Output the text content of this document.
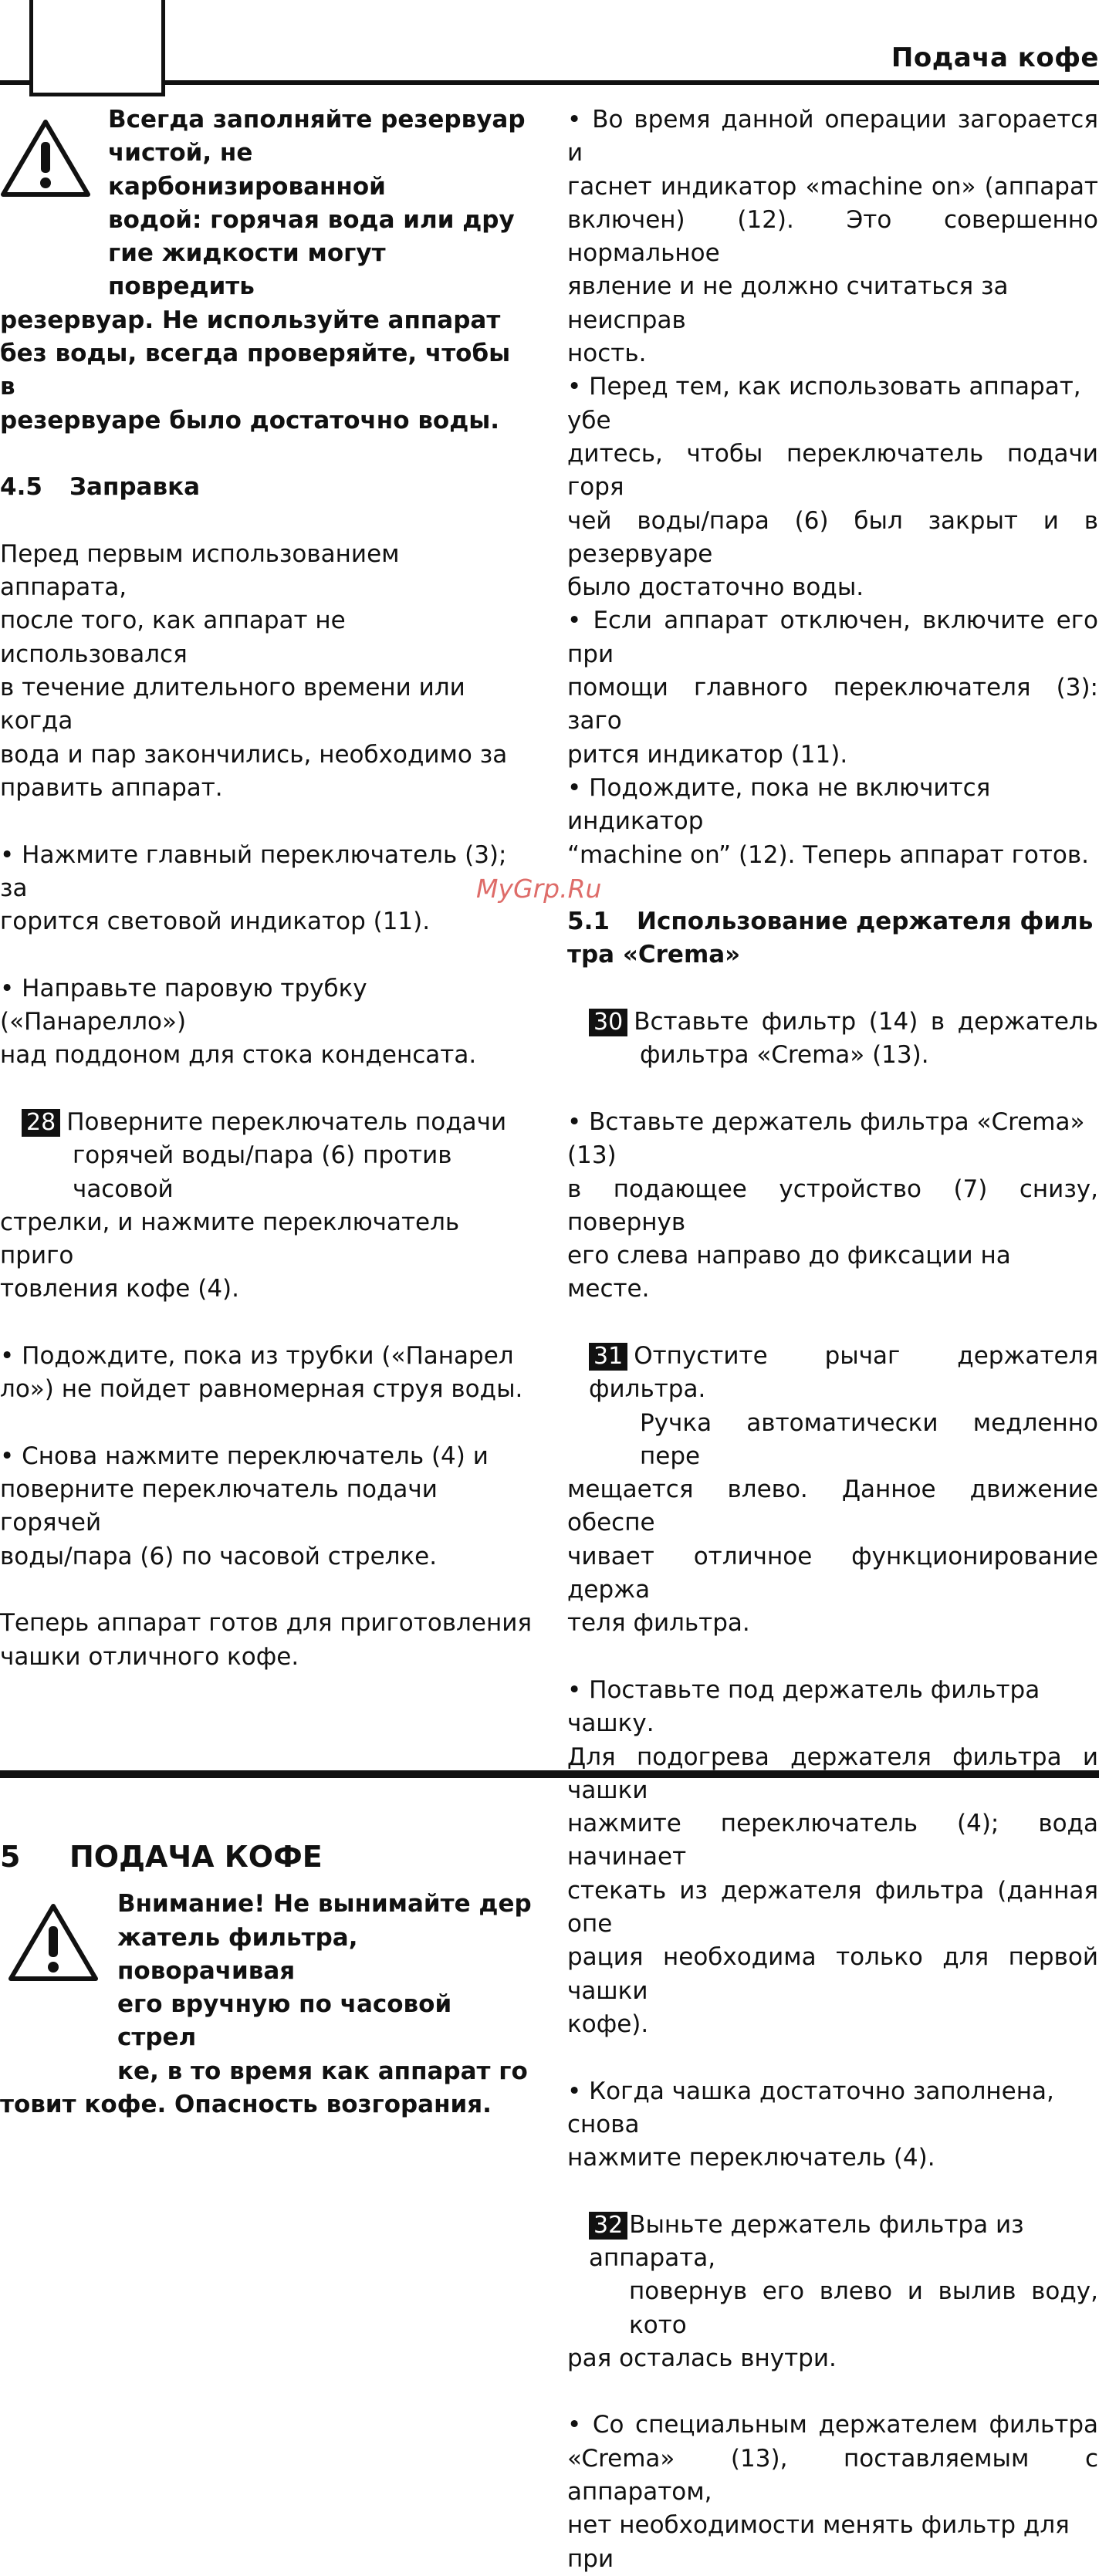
Подача кофе
MyGrp.Ru

Всегда заполняйте резервуар

чистой, не карбонизированной

водой: горячая вода или дру

гие жидкости могут повредить

резервуар. Не используйте аппарат

без воды, всегда проверяйте, чтобы в

резервуаре было достаточно воды.

4.5 Заправка

Перед первым использованием аппарата,

после того, как аппарат не использовался

в течение длительного времени или когда

вода и пар закончились, необходимо за

править аппарат.

• Нажмите главный переключатель (3); за

горится световой индикатор (11).

• Направьте паровую трубку («Панарелло»)

над поддоном для стока конденсата.

28 Поверните переключатель подачи

горячей воды/пара (6) против часовой

стрелки, и нажмите переключатель приго

товления кофе (4).

• Подождите, пока из трубки («Панарел

ло») не пойдет равномерная струя воды.

• Снова нажмите переключатель (4) и

поверните переключатель подачи горячей

воды/пара (6) по часовой стрелке.

Теперь аппарат готов для приготовления

чашки отличного кофе.

5 ПОДАЧА КОФЕ

Внимание! Не вынимайте дер

жатель фильтра, поворачивая

его вручную по часовой стрел

ке, в то время как аппарат го

товит кофе. Опасность возгорания.

• Во время данной операции загорается и

гаснет индикатор «machine on» (аппарат

включен) (12). Это совершенно нормальное

явление и не должно считаться за неисправ

ность.

• Перед тем, как использовать аппарат, убе

дитесь, чтобы переключатель подачи горя

чей воды/пара (6) был закрыт и в резервуаре

было достаточно воды.

• Если аппарат отключен, включите его при

помощи главного переключателя (3): заго

рится индикатор (11).

• Подождите, пока не включится индикатор

“machine on” (12). Теперь аппарат готов.

5.1 Использование держателя филь

тра «Crema»

30 Вставьте фильтр (14) в держатель

фильтра «Crema» (13).

• Вставьте держатель фильтра «Crema» (13)

в подающее устройство (7) снизу, повернув

его слева направо до фиксации на месте.

31 Отпустите рычаг держателя фильтра.

Ручка автоматически медленно пере

мещается влево. Данное движение обеспе

чивает отличное функционирование держа

теля фильтра.

• Поставьте под держатель фильтра чашку.

Для подогрева держателя фильтра и чашки

нажмите переключатель (4); вода начинает

стекать из держателя фильтра (данная опе

рация необходима только для первой чашки

кофе).

• Когда чашка достаточно заполнена, снова

нажмите переключатель (4).

32 Выньте держатель фильтра из аппарата,

повернув его влево и вылив воду, кото

рая осталась внутри.

• Со специальным держателем фильтра

«Crema» (13), поставляемым с аппаратом,

нет необходимости менять фильтр для при
